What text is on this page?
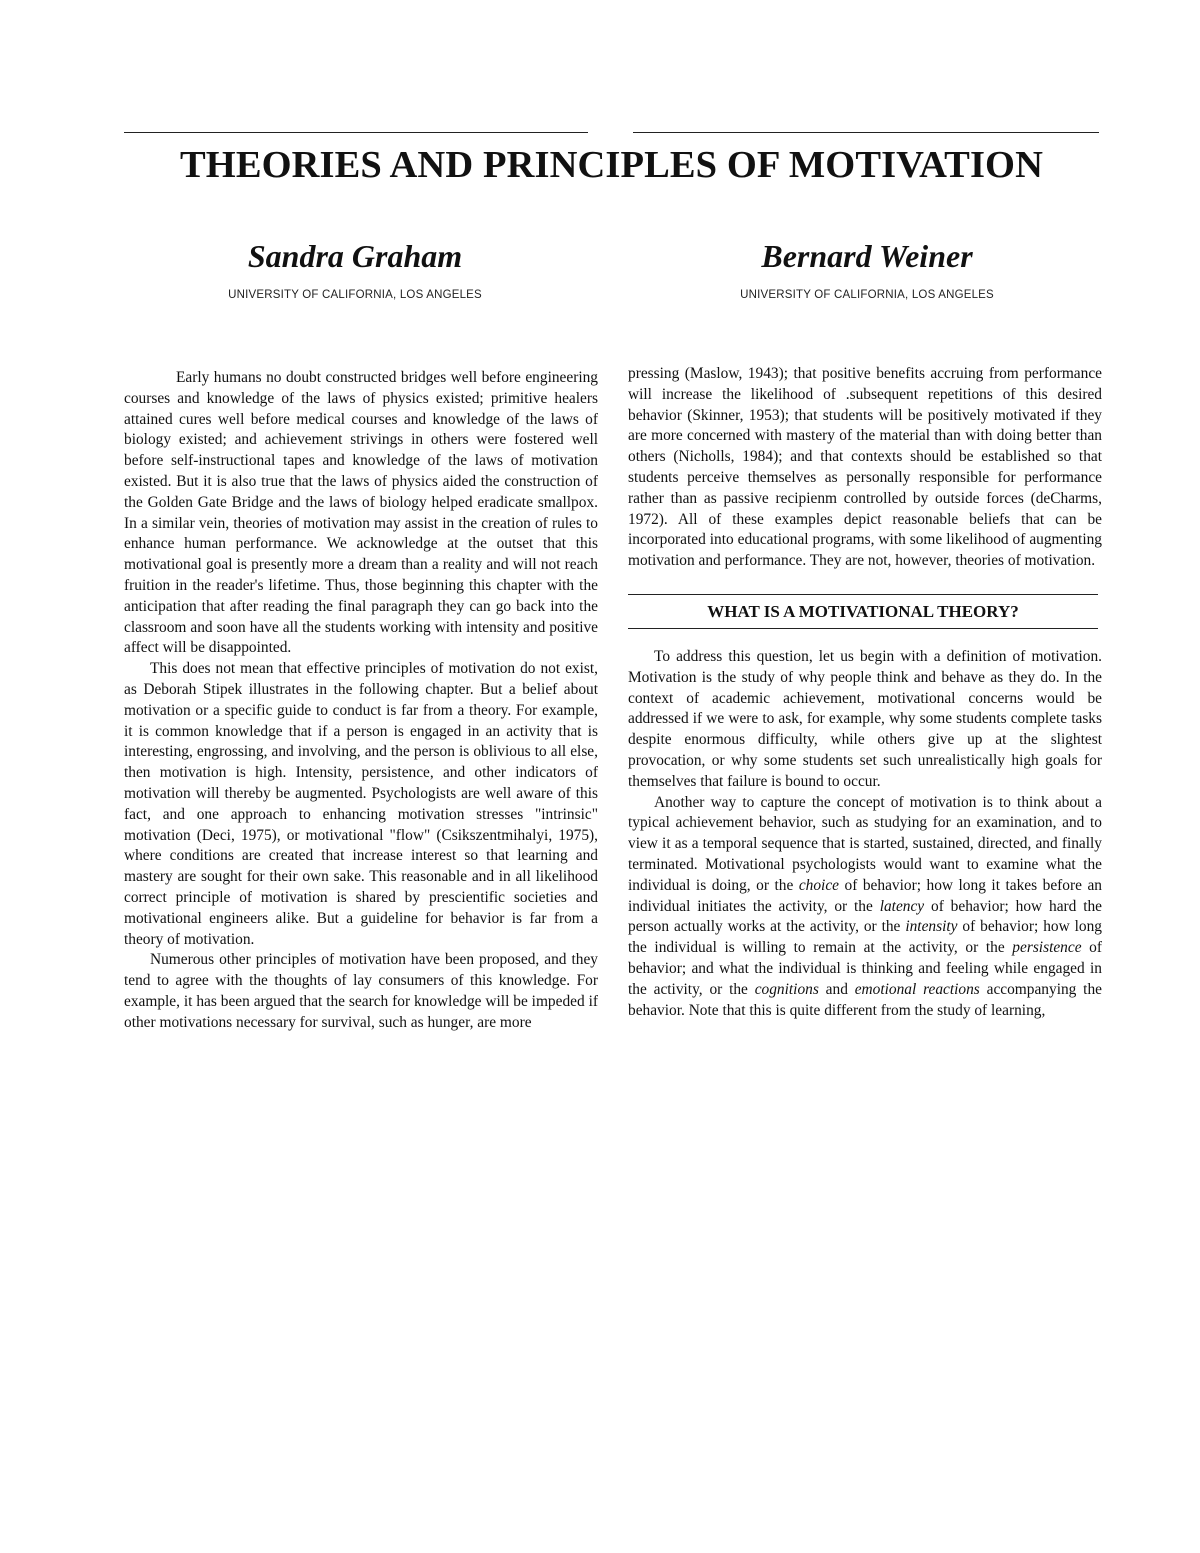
THEORIES AND PRINCIPLES OF MOTIVATION
Sandra Graham
UNIVERSITY OF CALIFORNIA, LOS ANGELES
Bernard Weiner
UNIVERSITY OF CALIFORNIA, LOS ANGELES

Early humans no doubt constructed bridges well before engineering courses and knowledge of the laws of physics existed; primitive healers attained cures well before medical courses and knowledge of the laws of biology existed; and achievement strivings in others were fostered well before self-instructional tapes and knowledge of the laws of motivation existed. But it is also true that the laws of physics aided the construction of the Golden Gate Bridge and the laws of biology helped eradicate smallpox. In a similar vein, theories of motivation may assist in the creation of rules to enhance human performance. We acknowledge at the outset that this motivational goal is presently more a dream than a reality and will not reach fruition in the reader's lifetime. Thus, those beginning this chapter with the anticipation that after reading the final paragraph they can go back into the classroom and soon have all the students working with intensity and positive affect will be disappointed.

This does not mean that effective principles of motivation do not exist, as Deborah Stipek illustrates in the following chapter. But a belief about motivation or a specific guide to conduct is far from a theory. For example, it is common knowledge that if a person is engaged in an activity that is interesting, engrossing, and involving, and the person is oblivious to all else, then motivation is high. Intensity, persistence, and other indicators of motivation will thereby be augmented. Psychologists are well aware of this fact, and one approach to enhancing motivation stresses "intrinsic" motivation (Deci, 1975), or motivational "flow" (Csikszentmihalyi, 1975), where conditions are created that increase interest so that learning and mastery are sought for their own sake. This reasonable and in all likelihood correct principle of motivation is shared by prescientific societies and motivational engineers alike. But a guideline for behavior is far from a theory of motivation.

Numerous other principles of motivation have been proposed, and they tend to agree with the thoughts of lay consumers of this knowledge. For example, it has been argued that the search for knowledge will be impeded if other motivations necessary for survival, such as hunger, are more

pressing (Maslow, 1943); that positive benefits accruing from performance will increase the likelihood of .subsequent repetitions of this desired behavior (Skinner, 1953); that students will be positively motivated if they are more concerned with mastery of the material than with doing better than others (Nicholls, 1984); and that contexts should be established so that students perceive themselves as personally responsible for performance rather than as passive recipienm controlled by outside forces (deCharms, 1972). All of these examples depict reasonable beliefs that can be incorporated into educational programs, with some likelihood of augmenting motivation and performance. They are not, however, theories of motivation.

WHAT IS A MOTIVATIONAL THEORY?

To address this question, let us begin with a definition of motivation. Motivation is the study of why people think and behave as they do. In the context of academic achievement, motivational concerns would be addressed if we were to ask, for example, why some students complete tasks despite enormous difficulty, while others give up at the slightest provocation, or why some students set such unrealistically high goals for themselves that failure is bound to occur.

Another way to capture the concept of motivation is to think about a typical achievement behavior, such as studying for an examination, and to view it as a temporal sequence that is started, sustained, directed, and finally terminated. Motivational psychologists would want to examine what the individual is doing, or the choice of behavior; how long it takes before an individual initiates the activity, or the latency of behavior; how hard the person actually works at the activity, or the intensity of behavior; how long the individual is willing to remain at the activity, or the persistence of behavior; and what the individual is thinking and feeling while engaged in the activity, or the cognitions and emotional reactions accompanying the behavior. Note that this is quite different from the study of learning,
